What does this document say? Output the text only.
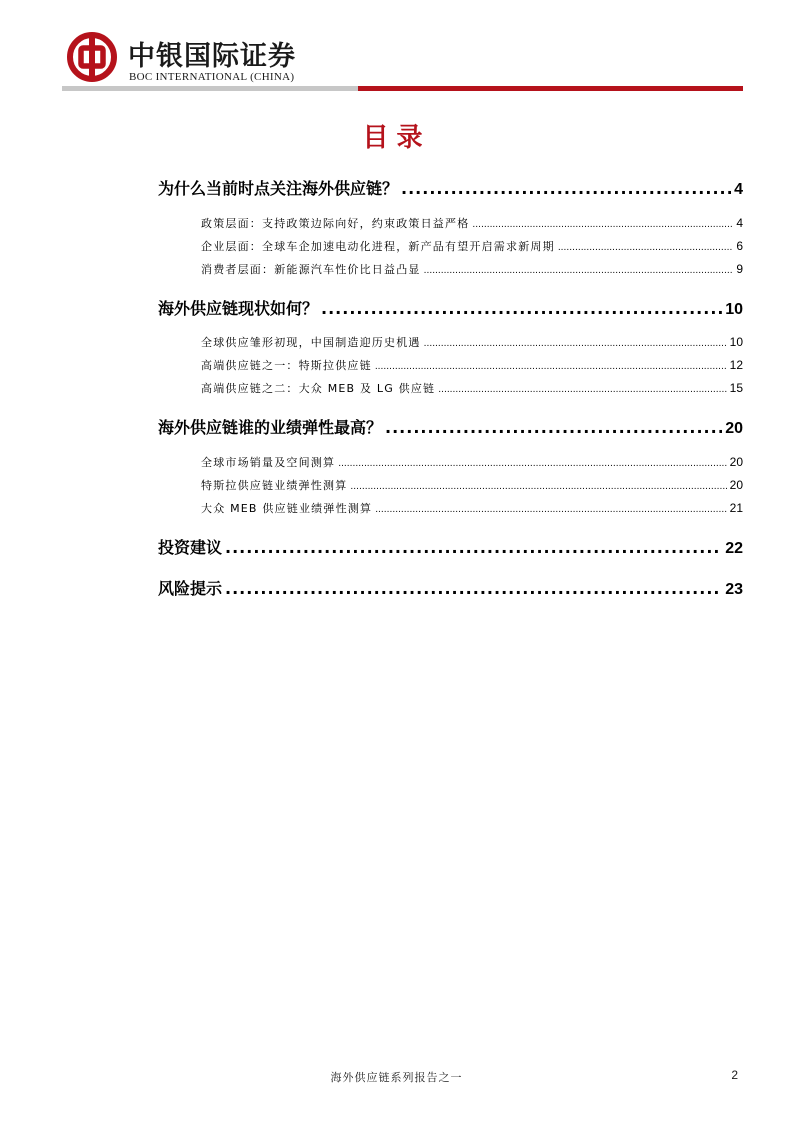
中银国际证券
BOC INTERNATIONAL (CHINA)
目录
为什么当前时点关注海外供应链？ .....	4
政策层面：支持政策边际向好，约束政策日益严格 .....	4
企业层面：全球车企加速电动化进程，新产品有望开启需求新周期 .....	6
消费者层面：新能源汽车性价比日益凸显 .....	9
海外供应链现状如何？ .....	10
全球供应雏形初现，中国制造迎历史机遇 .....	10
高端供应链之一：特斯拉供应链 .....	12
高端供应链之二：大众 MEB 及 LG 供应链 .....	15
海外供应链谁的业绩弹性最高？ .....	20
全球市场销量及空间测算 .....	20
特斯拉供应链业绩弹性测算 .....	20
大众 MEB 供应链业绩弹性测算 .....	21
投资建议 .....	22
风险提示 .....	23
海外供应链系列报告之一	2
